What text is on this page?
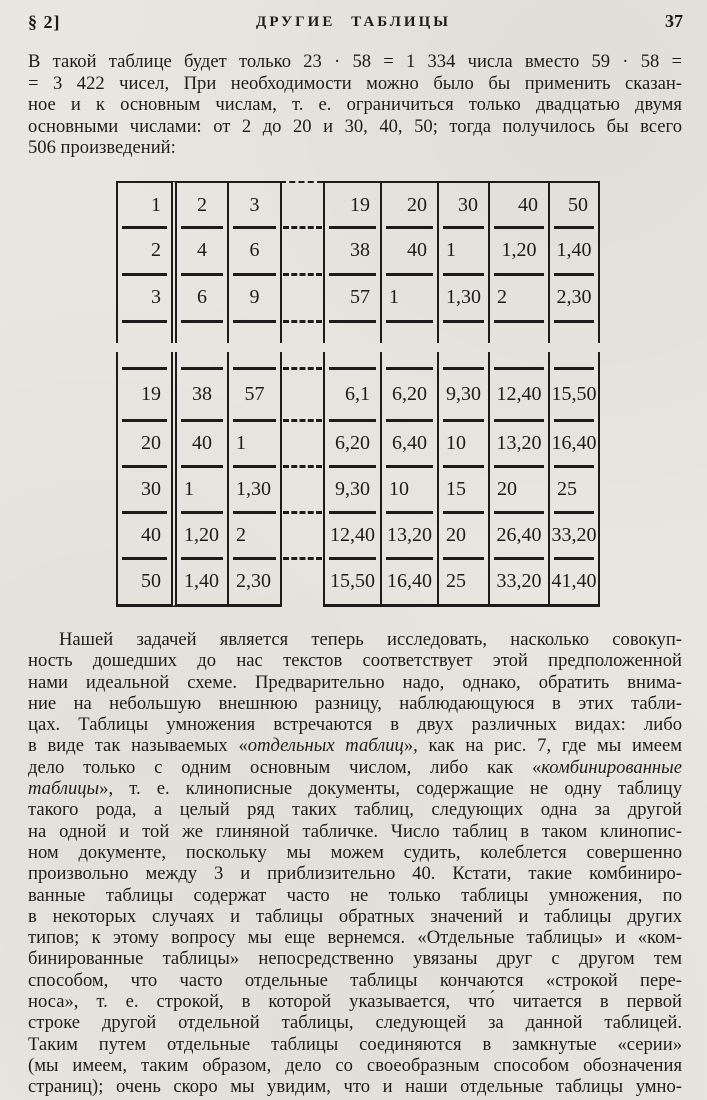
§ 2]	ДРУГИЕ ТАБЛИЦЫ	37
В такой таблице будет только 23 · 58 = 1 334 числа вместо 59 · 58 =
= 3 422 чисел, При необходимости можно было бы применить сказан-
ное и к основным числам, т. е. ограничиться только двадцатью двумя
основными числами: от 2 до 20 и 30, 40, 50; тогда получилось бы всего
506 произведений:
1 2 3	19 20 30 40 50
2 4 6	38 40 1 1,20 1,40
3 6 9	57 1 1,30 2 2,30
19 38 57	6,1 6,20 9,30 12,40 15,50
20 40 1	6,20 6,40 10 13,20 16,40
30 1 1,30	9,30 10 15 20 25
40 1,20 2	12,40 13,20 20 26,40 33,20
50 1,40 2,30	15,50 16,40 25 33,20 41,40
Нашей задачей является теперь исследовать, насколько совокуп-
ность дошедших до нас текстов соответствует этой предположенной
нами идеальной схеме. Предварительно надо, однако, обратить внима-
ние на небольшую внешнюю разницу, наблюдающуюся в этих табли-
цах. Таблицы умножения встречаются в двух различных видах: либо
в виде так называемых «отдельных таблиц», как на рис. 7, где мы имеем
дело только с одним основным числом, либо как «комбинированные
таблицы», т. е. клинописные документы, содержащие не одну таблицу
такого рода, а целый ряд таких таблиц, следующих одна за другой
на одной и той же глиняной табличке. Число таблиц в таком клинопис-
ном документе, поскольку мы можем судить, колеблется совершенно
произвольно между 3 и приблизительно 40. Кстати, такие комбиниро-
ванные таблицы содержат часто не только таблицы умножения, по
в некоторых случаях и таблицы обратных значений и таблицы других
типов; к этому вопросу мы еще вернемся. «Отдельные таблицы» и «ком-
бинированные таблицы» непосредственно увязаны друг с другом тем
способом, что часто отдельные таблицы кончаются «строкой пере-
носа», т. е. строкой, в которой указывается, что́ читается в первой
строке другой отдельной таблицы, следующей за данной таблицей.
Таким путем отдельные таблицы соединяются в замкнутые «серии»
(мы имеем, таким образом, дело со своеобразным способом обозначения
страниц); очень скоро мы увидим, что и наши отдельные таблицы умно-
